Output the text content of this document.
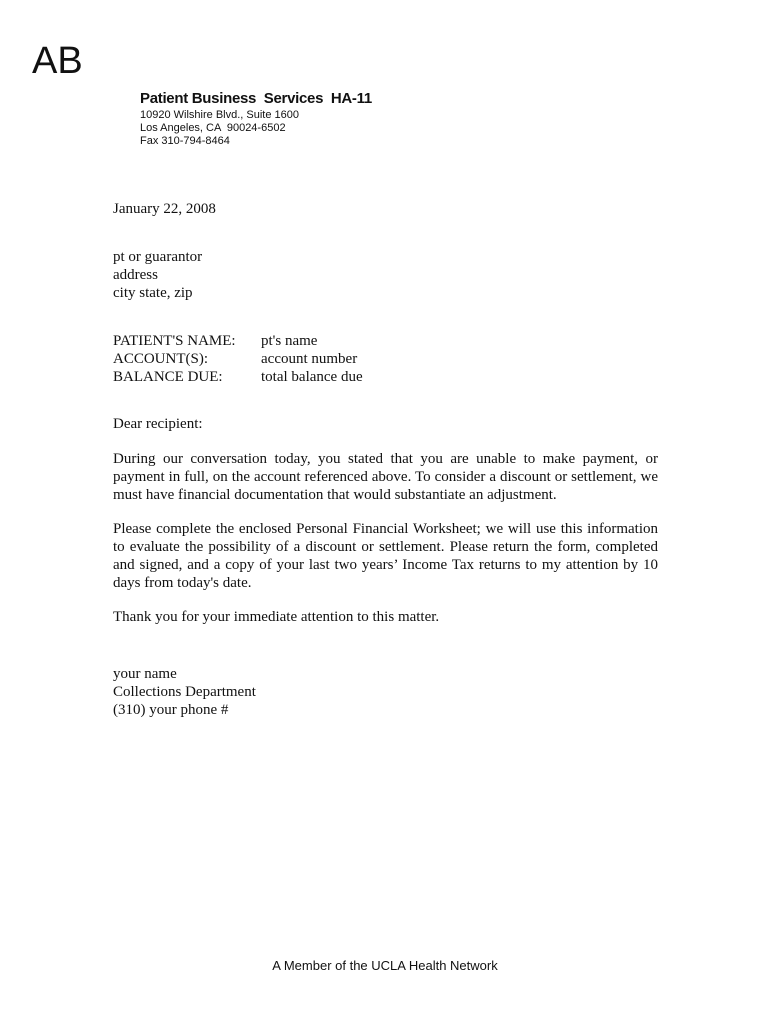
AB

Patient Business  Services  HA-11

10920 Wilshire Blvd., Suite 1600

Los Angeles, CA  90024-6502

Fax 310-794-8464

January 22, 2008
pt or guarantor
address
city state, zip
PATIENT'S NAME:	pt's name
ACCOUNT(S):	account number
BALANCE DUE:	total balance due

Dear recipient:

During our conversation today, you stated that you are unable to make payment, or payment in full, on the account referenced above. To consider a discount or settlement, we must have financial documentation that would substantiate an adjustment.

Please complete the enclosed Personal Financial Worksheet; we will use this information to evaluate the possibility of a discount or settlement. Please return the form, completed and signed, and a copy of your last two years’ Income Tax returns to my attention by 10 days from today's date.

Thank you for your immediate attention to this matter.

your name
Collections Department
(310) your phone #
A Member of the UCLA Health Network
